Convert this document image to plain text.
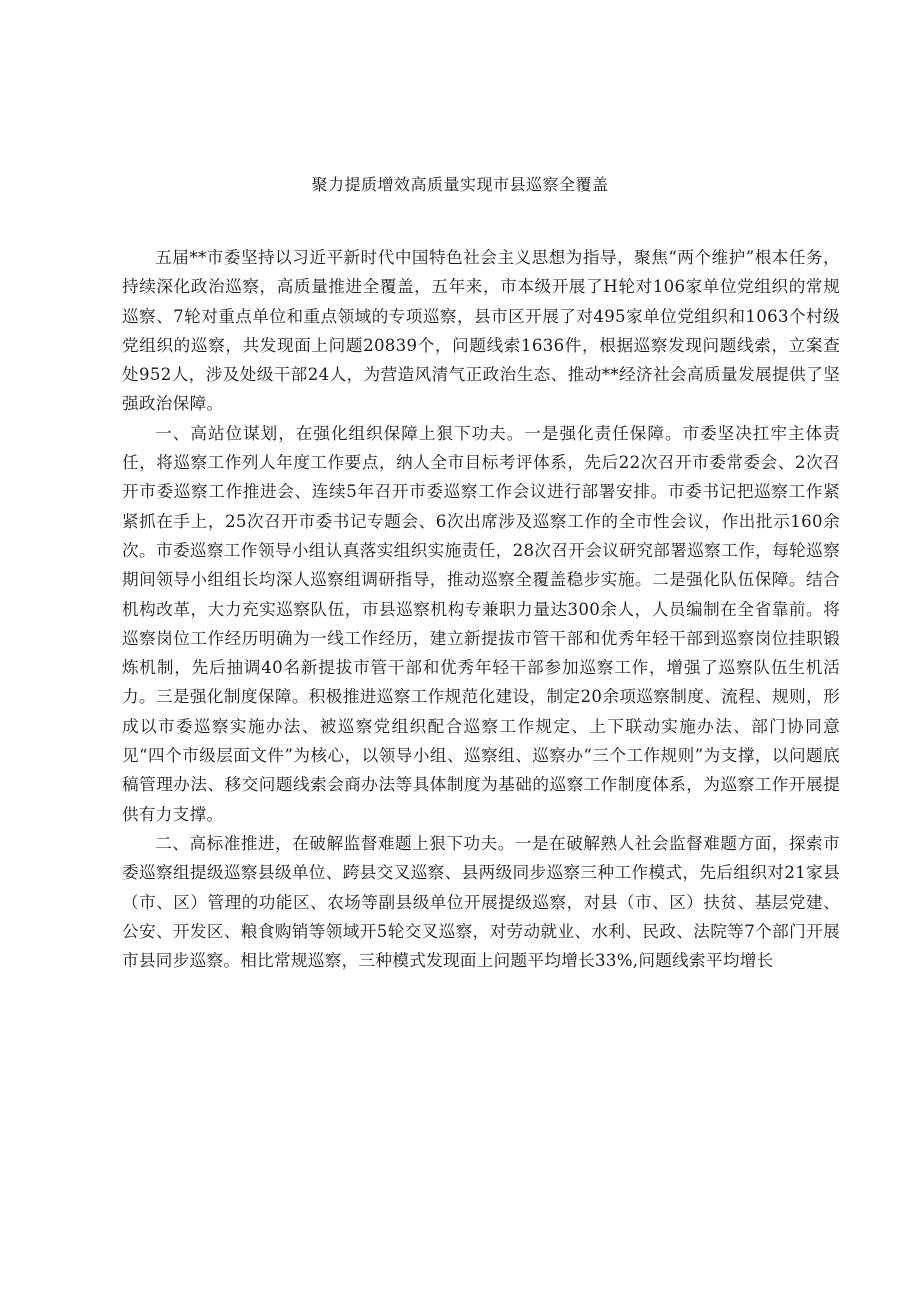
聚力提质增效高质量实现市县巡察全覆盖

五届**市委坚持以习近平新时代中国特色社会主义思想为指导，聚焦“两个维护”根本任务，持续深化政治巡察，高质量推进全覆盖，五年来，市本级开展了H轮对106家单位党组织的常规巡察、7轮对重点单位和重点领域的专项巡察，县市区开展了对495家单位党组织和1063个村级党组织的巡察，共发现面上问题20839个，问题线索1636件，根据巡察发现问题线索，立案查处952人，涉及处级干部24人，为营造风清气正政治生态、推动**经济社会高质量发展提供了坚强政治保障。

一、高站位谋划，在强化组织保障上狠下功夫。一是强化责任保障。市委坚决扛牢主体责任，将巡察工作列人年度工作要点，纳人全市目标考评体系，先后22次召开市委常委会、2次召开市委巡察工作推进会、连续5年召开市委巡察工作会议进行部署安排。市委书记把巡察工作紧紧抓在手上，25次召开市委书记专题会、6次出席涉及巡察工作的全市性会议，作出批示160余次。市委巡察工作领导小组认真落实组织实施责任，28次召开会议研究部署巡察工作，每轮巡察期间领导小组组长均深人巡察组调研指导，推动巡察全覆盖稳步实施。二是强化队伍保障。结合机构改革，大力充实巡察队伍，市县巡察机构专兼职力量达300余人，人员编制在全省靠前。将巡察岗位工作经历明确为一线工作经历，建立新提拔市管干部和优秀年轻干部到巡察岗位挂职锻炼机制，先后抽调40名新提拔市管干部和优秀年轻干部参加巡察工作，增强了巡察队伍生机活力。三是强化制度保障。积极推进巡察工作规范化建设，制定20余项巡察制度、流程、规则，形成以市委巡察实施办法、被巡察党组织配合巡察工作规定、上下联动实施办法、部门协同意见“四个市级层面文件”为核心，以领导小组、巡察组、巡察办“三个工作规则”为支撑，以问题底稿管理办法、移交问题线索会商办法等具体制度为基础的巡察工作制度体系，为巡察工作开展提供有力支撑。

二、高标准推进，在破解监督难题上狠下功夫。一是在破解熟人社会监督难题方面，探索市委巡察组提级巡察县级单位、跨县交叉巡察、县两级同步巡察三种工作模式，先后组织对21家县（市、区）管理的功能区、农场等副县级单位开展提级巡察，对县（市、区）扶贫、基层党建、公安、开发区、粮食购销等领域开5轮交叉巡察，对劳动就业、水利、民政、法院等7个部门开展市县同步巡察。相比常规巡察，三种模式发现面上问题平均增长33%,问题线索平均增长
